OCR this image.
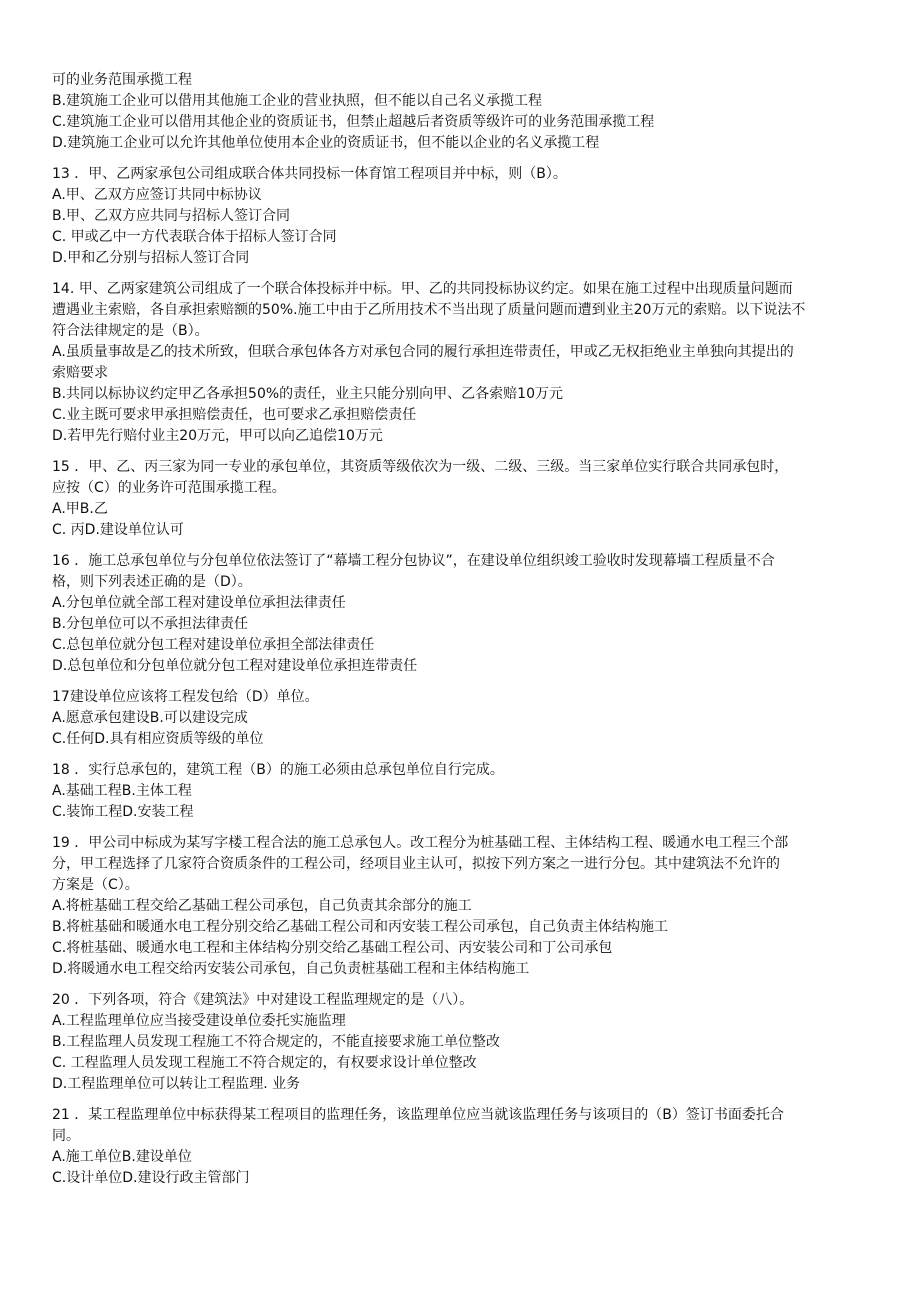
可的业务范围承揽工程
B.建筑施工企业可以借用其他施工企业的营业执照，但不能以自己名义承揽工程
C.建筑施工企业可以借用其他企业的资质证书，但禁止超越后者资质等级许可的业务范围承揽工程
D.建筑施工企业可以允许其他单位使用本企业的资质证书，但不能以企业的名义承揽工程
13 ．甲、乙两家承包公司组成联合体共同投标一体育馆工程项目并中标，则（B）。
A.甲、乙双方应签订共同中标协议
B.甲、乙双方应共同与招标人签订合同
C. 甲或乙中一方代表联合体于招标人签订合同
D.甲和乙分别与招标人签订合同
14. 甲、乙两家建筑公司组成了一个联合体投标并中标。甲、乙的共同投标协议约定。如果在施工过程中出现质量问题而
遭遇业主索赔，各自承担索赔额的50%.施工中由于乙所用技术不当出现了质量问题而遭到业主20万元的索赔。以下说法不
符合法律规定的是（B）。
A.虽质量事故是乙的技术所致，但联合承包体各方对承包合同的履行承担连带责任，甲或乙无权拒绝业主单独向其提出的
索赔要求
B.共同以标协议约定甲乙各承担50%的责任，业主只能分别向甲、乙各索赔10万元
C.业主既可要求甲承担赔偿责任，也可要求乙承担赔偿责任
D.若甲先行赔付业主20万元，甲可以向乙追偿10万元
15 ．甲、乙、丙三家为同一专业的承包单位，其资质等级依次为一级、二级、三级。当三家单位实行联合共同承包时，
应按（C）的业务许可范围承揽工程。
A.甲B.乙
C. 丙D.建设单位认可
16 ．施工总承包单位与分包单位依法签订了“幕墙工程分包协议”，在建设单位组织竣工验收时发现幕墙工程质量不合
格，则下列表述正确的是（D）。
A.分包单位就全部工程对建设单位承担法律责任
B.分包单位可以不承担法律责任
C.总包单位就分包工程对建设单位承担全部法律责任
D.总包单位和分包单位就分包工程对建设单位承担连带责任
17建设单位应该将工程发包给（D）单位。
A.愿意承包建设B.可以建设完成
C.任何D.具有相应资质等级的单位
18 ．实行总承包的，建筑工程（B）的施工必须由总承包单位自行完成。
A.基础工程B.主体工程
C.装饰工程D.安装工程
19 ．甲公司中标成为某写字楼工程合法的施工总承包人。改工程分为桩基础工程、主体结构工程、暖通水电工程三个部
分，甲工程选择了几家符合资质条件的工程公司，经项目业主认可，拟按下列方案之一进行分包。其中建筑法不允许的
方案是（C）。
A.将桩基础工程交给乙基础工程公司承包，自己负责其余部分的施工
B.将桩基础和暖通水电工程分别交给乙基础工程公司和丙安装工程公司承包，自己负责主体结构施工
C.将桩基础、暖通水电工程和主体结构分别交给乙基础工程公司、丙安装公司和丁公司承包
D.将暖通水电工程交给丙安装公司承包，自己负责桩基础工程和主体结构施工
20 ．下列各项，符合《建筑法》中对建设工程监理规定的是（八）。
A.工程监理单位应当接受建设单位委托实施监理
B.工程监理人员发现工程施工不符合规定的，不能直接要求施工单位整改
C. 工程监理人员发现工程施工不符合规定的，有权要求设计单位整改
D.工程监理单位可以转让工程监理. 业务
21 ．某工程监理单位中标获得某工程项目的监理任务，该监理单位应当就该监理任务与该项目的（B）签订书面委托合
同。
A.施工单位B.建设单位
C.设计单位D.建设行政主管部门
